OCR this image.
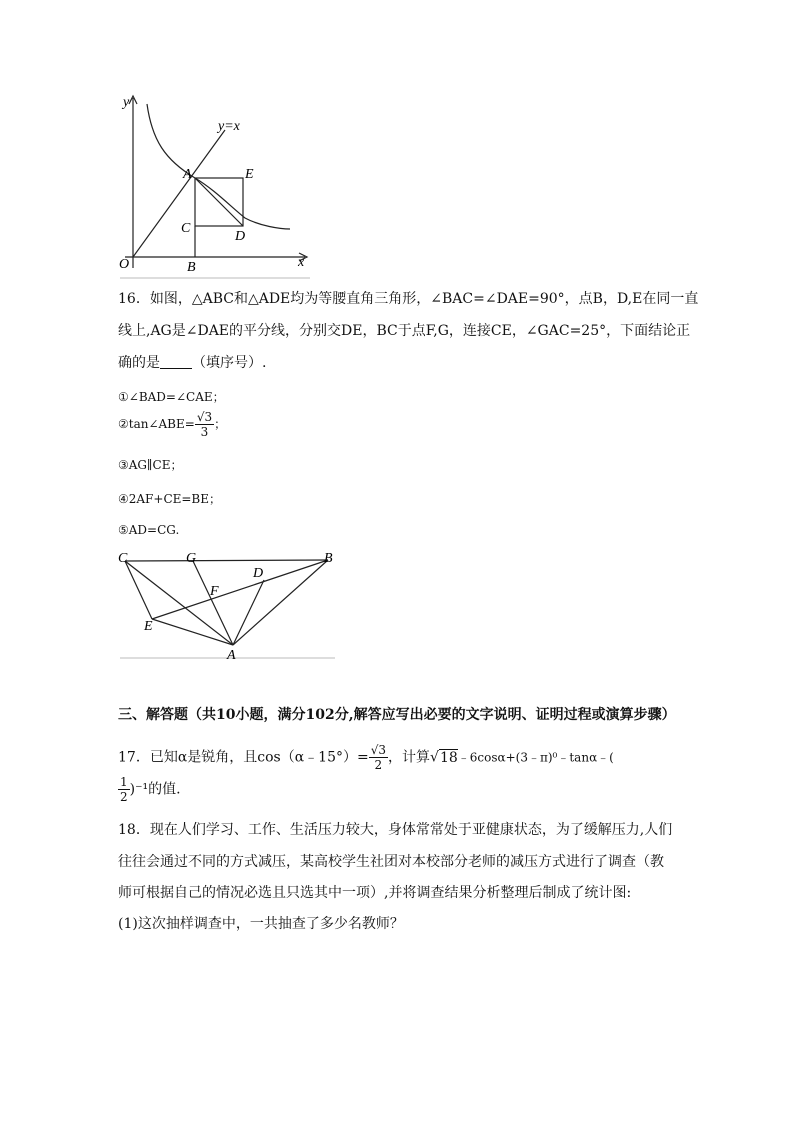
y
x
O
y=x
A	E
C
D
B
16．如图，△ABC和△ADE均为等腰直角三角形，∠BAC=∠DAE=90°，点B，D,E在同一直
线上,AG是∠DAE的平分线，分别交DE，BC于点F,G，连接CE，∠GAC=25°，下面结论正
确的是 （填序号）.
①∠BAD=∠CAE；
②tan∠ABE= $\frac{√3}{3}$ ；
③AG∥CE；
④2AF+CE=BE；
⑤AD=CG.
C	G	B
D
F
E
A
三、解答题（共10小题，满分102分,解答应写出必要的文字说明、证明过程或演算步骤）
17．已知α是锐角，且cos（α﹣15°）= $\frac{√3}{2}$ ，计算√18﹣6cosα+(3﹣π)⁰﹣tanα﹣(
$\frac{1}{2} )^{-1}$的值.
18．现在人们学习、工作、生活压力较大，身体常常处于亚健康状态，为了缓解压力,人们
往往会通过不同的方式减压，某高校学生社团对本校部分老师的减压方式进行了调查（教
师可根据自己的情况必选且只选其中一项）,并将调查结果分析整理后制成了统计图:
(1)这次抽样调查中，一共抽查了多少名教师？
